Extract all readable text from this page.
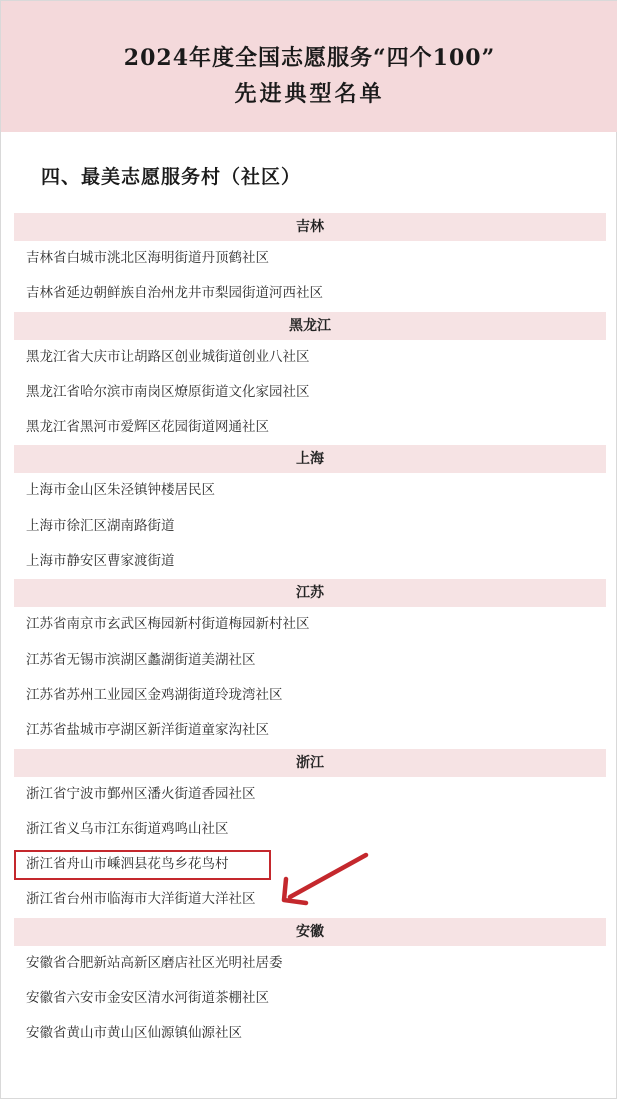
2024年度全国志愿服务“四个100”
先进典型名单
四、最美志愿服务村（社区）
吉林
吉林省白城市洮北区海明街道丹顶鹤社区
吉林省延边朝鲜族自治州龙井市梨园街道河西社区
黑龙江
黑龙江省大庆市让胡路区创业城街道创业八社区
黑龙江省哈尔滨市南岗区燎原街道文化家园社区
黑龙江省黑河市爱辉区花园街道网通社区
上海
上海市金山区朱泾镇钟楼居民区
上海市徐汇区湖南路街道
上海市静安区曹家渡街道
江苏
江苏省南京市玄武区梅园新村街道梅园新村社区
江苏省无锡市滨湖区蠡湖街道美湖社区
江苏省苏州工业园区金鸡湖街道玲珑湾社区
江苏省盐城市亭湖区新洋街道童家沟社区
浙江
浙江省宁波市鄞州区潘火街道香园社区
浙江省义乌市江东街道鸡鸣山社区
浙江省舟山市嵊泗县花鸟乡花鸟村
浙江省台州市临海市大洋街道大洋社区
安徽
安徽省合肥新站高新区磨店社区光明社居委
安徽省六安市金安区清水河街道茶棚社区
安徽省黄山市黄山区仙源镇仙源社区
